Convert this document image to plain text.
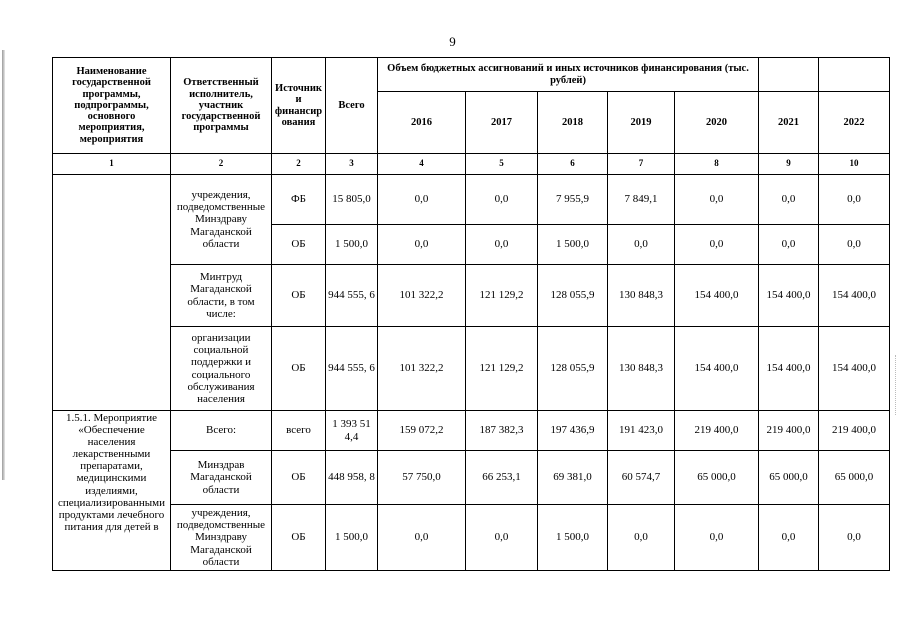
9
Наименование государственной программы, подпрограммы, основного мероприятия, мероприятия	Ответственный исполнитель, участник государственной программы	Источник и финансир ования	Всего	Объем бюджетных ассигнований и иных источников финансирования (тыс. рублей)						
				2016	2017	2018	2019	2020	2021	2022
1	2	2	3	4	5	6	7	8	9	10
	учреждения, подведомственные Минздраву Магаданской области	ФБ	15 805,0	0,0	0,0	7 955,9	7 849,1	0,0	0,0	0,0
		ОБ	1 500,0	0,0	0,0	1 500,0	0,0	0,0	0,0	0,0
	Минтруд Магаданской области, в том числе:	ОБ	944 555, 6	101 322,2	121 129,2	128 055,9	130 848,3	154 400,0	154 400,0	154 400,0
	организации социальной поддержки и социального обслуживания населения	ОБ	944 555, 6	101 322,2	121 129,2	128 055,9	130 848,3	154 400,0	154 400,0	154 400,0
1.5.1. Мероприятие «Обеспечение населения лекарственными препаратами, медицинскими изделиями, специализированными продуктами лечебного питания для детей в	Всего:	всего	1 393 51 4,4	159 072,2	187 382,3	197 436,9	191 423,0	219 400,0	219 400,0	219 400,0
	Минздрав Магаданской области	ОБ	448 958, 8	57 750,0	66 253,1	69 381,0	60 574,7	65 000,0	65 000,0	65 000,0
	учреждения, подведомственные Минздраву Магаданской области	ОБ	1 500,0	0,0	0,0	1 500,0	0,0	0,0	0,0	0,0
